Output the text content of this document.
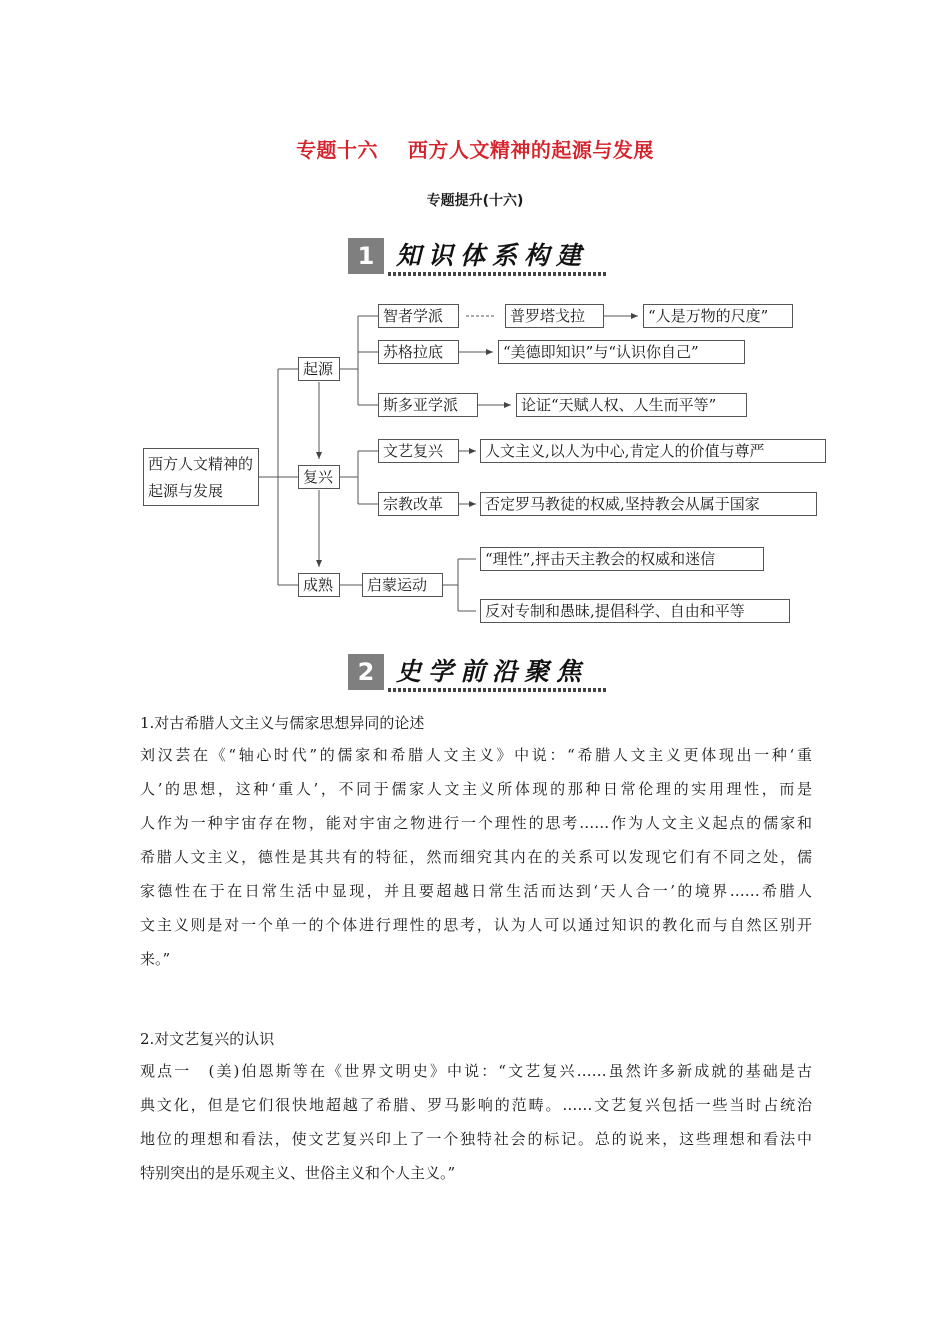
专题十六    西方人文精神的起源与发展
专题提升(十六)
1 知识体系构建
西方人文精神的起源与发展
起源
复兴
成熟
智者学派	普罗塔戈拉	“人是万物的尺度”
苏格拉底	“美德即知识”与“认识你自己”
斯多亚学派	论证“天赋人权、人生而平等”
文艺复兴	人文主义,以人为中心,肯定人的价值与尊严
宗教改革	否定罗马教徒的权威,坚持教会从属于国家
启蒙运动
“理性”,抨击天主教会的权威和迷信
反对专制和愚昧,提倡科学、自由和平等
2 史学前沿聚焦

1.对古希腊人文主义与儒家思想异同的论述

刘汉芸在《“轴心时代”的儒家和希腊人文主义》中说：“希腊人文主义更体现出一种‘重
人’的思想，这种‘重人’，不同于儒家人文主义所体现的那种日常伦理的实用理性，而是
人作为一种宇宙存在物，能对宇宙之物进行一个理性的思考……作为人文主义起点的儒家和
希腊人文主义，德性是其共有的特征，然而细究其内在的关系可以发现它们有不同之处，儒
家德性在于在日常生活中显现，并且要超越日常生活而达到‘天人合一’的境界……希腊人
文主义则是对一个单一的个体进行理性的思考，认为人可以通过知识的教化而与自然区别开
来。”

2.对文艺复兴的认识

观点一　(美)伯恩斯等在《世界文明史》中说：“文艺复兴……虽然许多新成就的基础是古
典文化，但是它们很快地超越了希腊、罗马影响的范畴。……文艺复兴包括一些当时占统治
地位的理想和看法，使文艺复兴印上了一个独特社会的标记。总的说来，这些理想和看法中
特别突出的是乐观主义、世俗主义和个人主义。”
